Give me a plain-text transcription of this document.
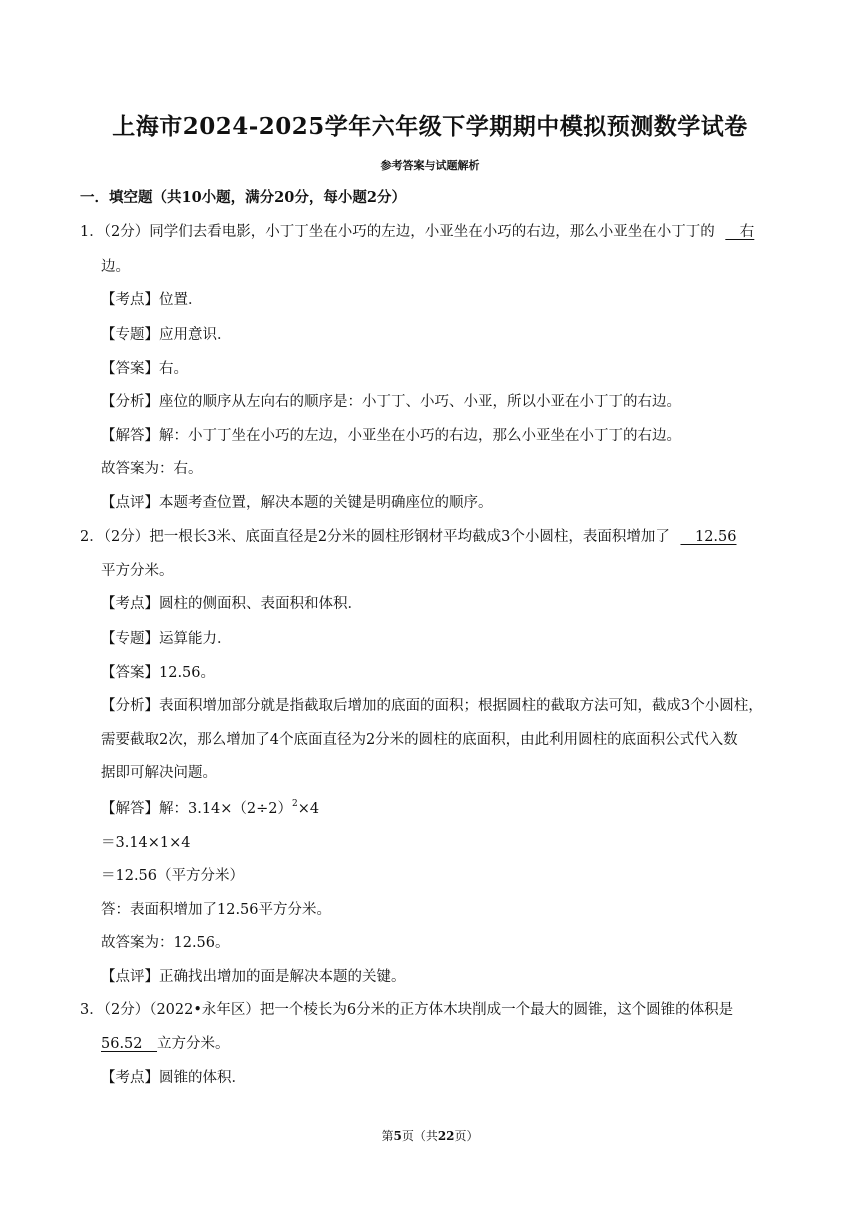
上海市2024-2025学年六年级下学期期中模拟预测数学试卷
参考答案与试题解析
一．填空题（共10小题，满分20分，每小题2分）
1．（2分）同学们去看电影，小丁丁坐在小巧的左边，小亚坐在小巧的右边，那么小亚坐在小丁丁的 　右
边。
【考点】位置．
【专题】应用意识．
【答案】右。
【分析】座位的顺序从左向右的顺序是：小丁丁、小巧、小亚，所以小亚在小丁丁的右边。
【解答】解：小丁丁坐在小巧的左边，小亚坐在小巧的右边，那么小亚坐在小丁丁的右边。
故答案为：右。
【点评】本题考查位置，解决本题的关键是明确座位的顺序。
2．（2分）把一根长3米、底面直径是2分米的圆柱形钢材平均截成3个小圆柱，表面积增加了 　12.56
平方分米。
【考点】圆柱的侧面积、表面积和体积．
【专题】运算能力．
【答案】12.56。
【分析】表面积增加部分就是指截取后增加的底面的面积；根据圆柱的截取方法可知，截成3个小圆柱，
需要截取2次，那么增加了4个底面直径为2分米的圆柱的底面积，由此利用圆柱的底面积公式代入数
据即可解决问题。
【解答】解：$3.14\times(2\div 2)^2\times 4$
＝3.14×1×4
＝12.56（平方分米）
答：表面积增加了12.56平方分米。
故答案为：12.56。
【点评】正确找出增加的面是解决本题的关键。
3．（2分）（2022•永年区）把一个棱长为6分米的正方体木块削成一个最大的圆锥，这个圆锥的体积是
56.52　立方分米。
【考点】圆锥的体积．
第5页（共22页）
